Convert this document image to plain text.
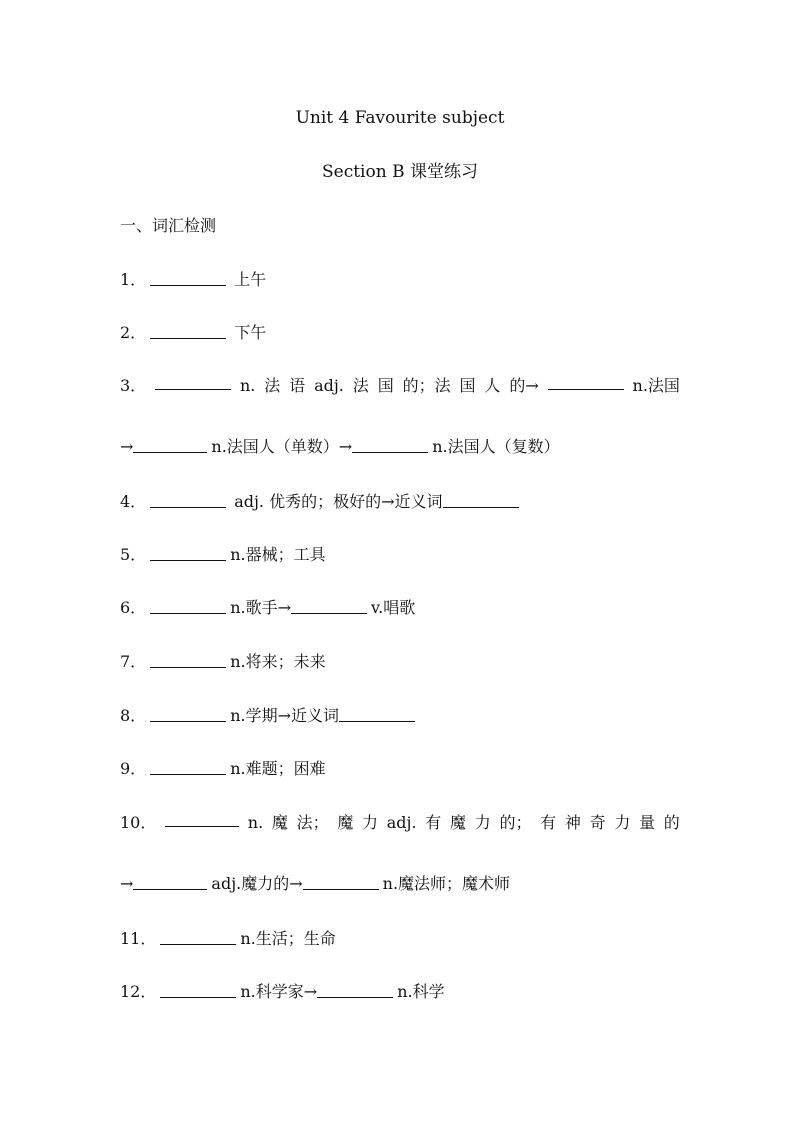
Unit 4 Favourite subject
Section B 课堂练习
一、词汇检测
1．	上午
2．	下午
3．	n. 法 语 adj. 法 国 的；法 国 人 的→	n.法国
→	n.法国人（单数）→	n.法国人（复数）
4．	adj. 优秀的；极好的→近义词
5．	n.器械；工具
6．	n.歌手→	v.唱歌
7．	n.将来；未来
8．	n.学期→近义词
9．	n.难题；困难
10．	n. 魔 法； 魔 力 adj. 有 魔 力 的； 有 神 奇 力 量 的
→	adj.魔力的→	n.魔法师；魔术师
11．	n.生活；生命
12．	n.科学家→	n.科学
